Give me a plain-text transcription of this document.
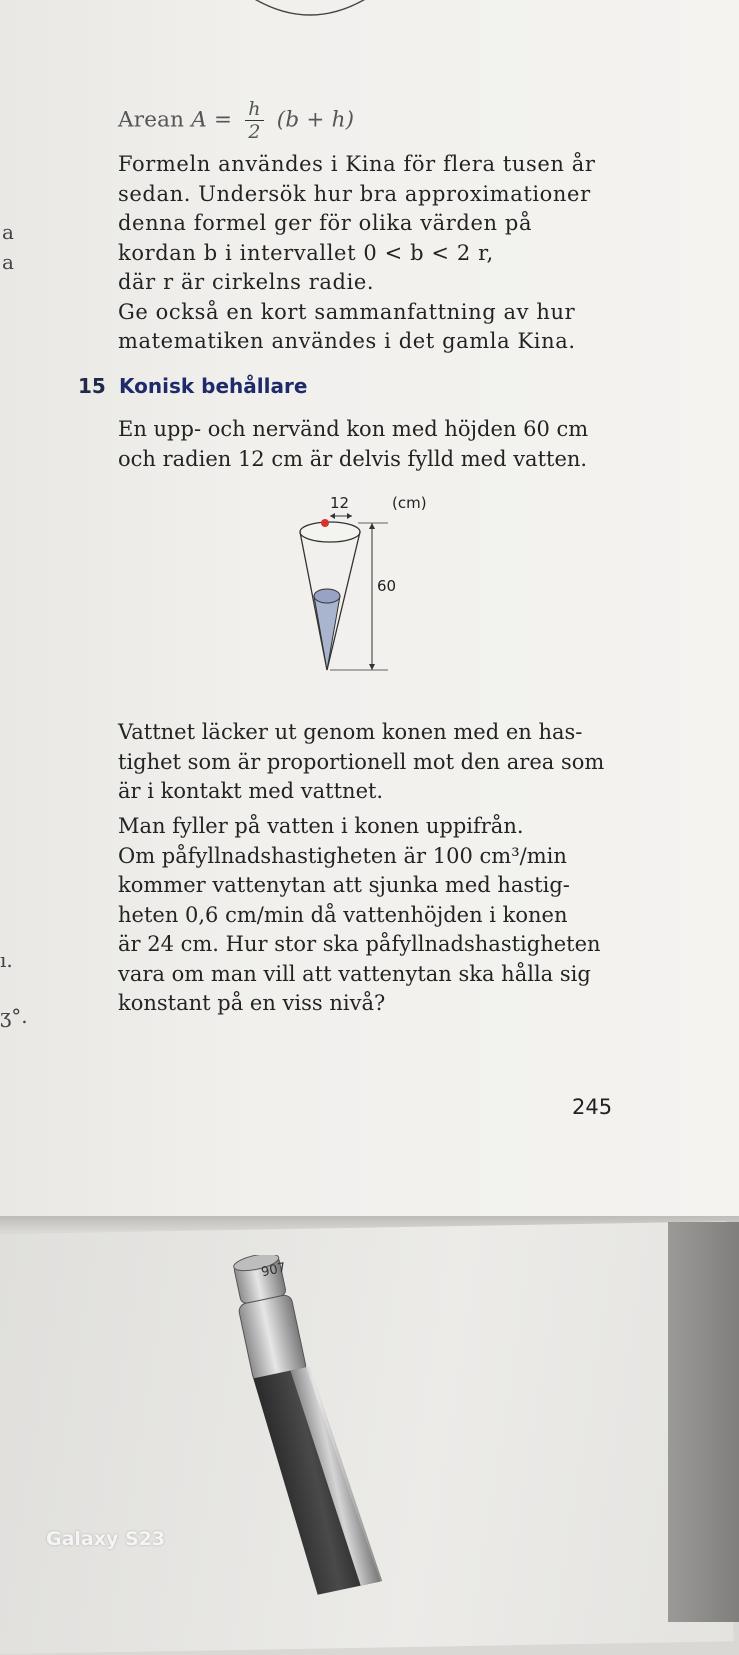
a
a
ı.
ʒ°.
Arean $A = \frac{h}{2} (b + h)$
Formeln användes i Kina för flera tusen år
sedan. Undersök hur bra approximationer
denna formel ger för olika värden på
kordan b i intervallet 0 < b < 2 r,
där r är cirkelns radie.
Ge också en kort sammanfattning av hur
matematiken användes i det gamla Kina.
15 Konisk behållare
En upp- och nervänd kon med höjden 60 cm
och radien 12 cm är delvis fylld med vatten.
12	(cm)
60
Vattnet läcker ut genom konen med en has-
tighet som är proportionell mot den area som
är i kontakt med vattnet.
Man fyller på vatten i konen uppifrån.
Om påfyllnadshastigheten är 100 cm³/min
kommer vattenytan att sjunka med hastig-
heten 0,6 cm/min då vattenhöjden i konen
är 24 cm. Hur stor ska påfyllnadshastigheten
vara om man vill att vattenytan ska hålla sig
konstant på en viss nivå?
245
907
Galaxy S23
